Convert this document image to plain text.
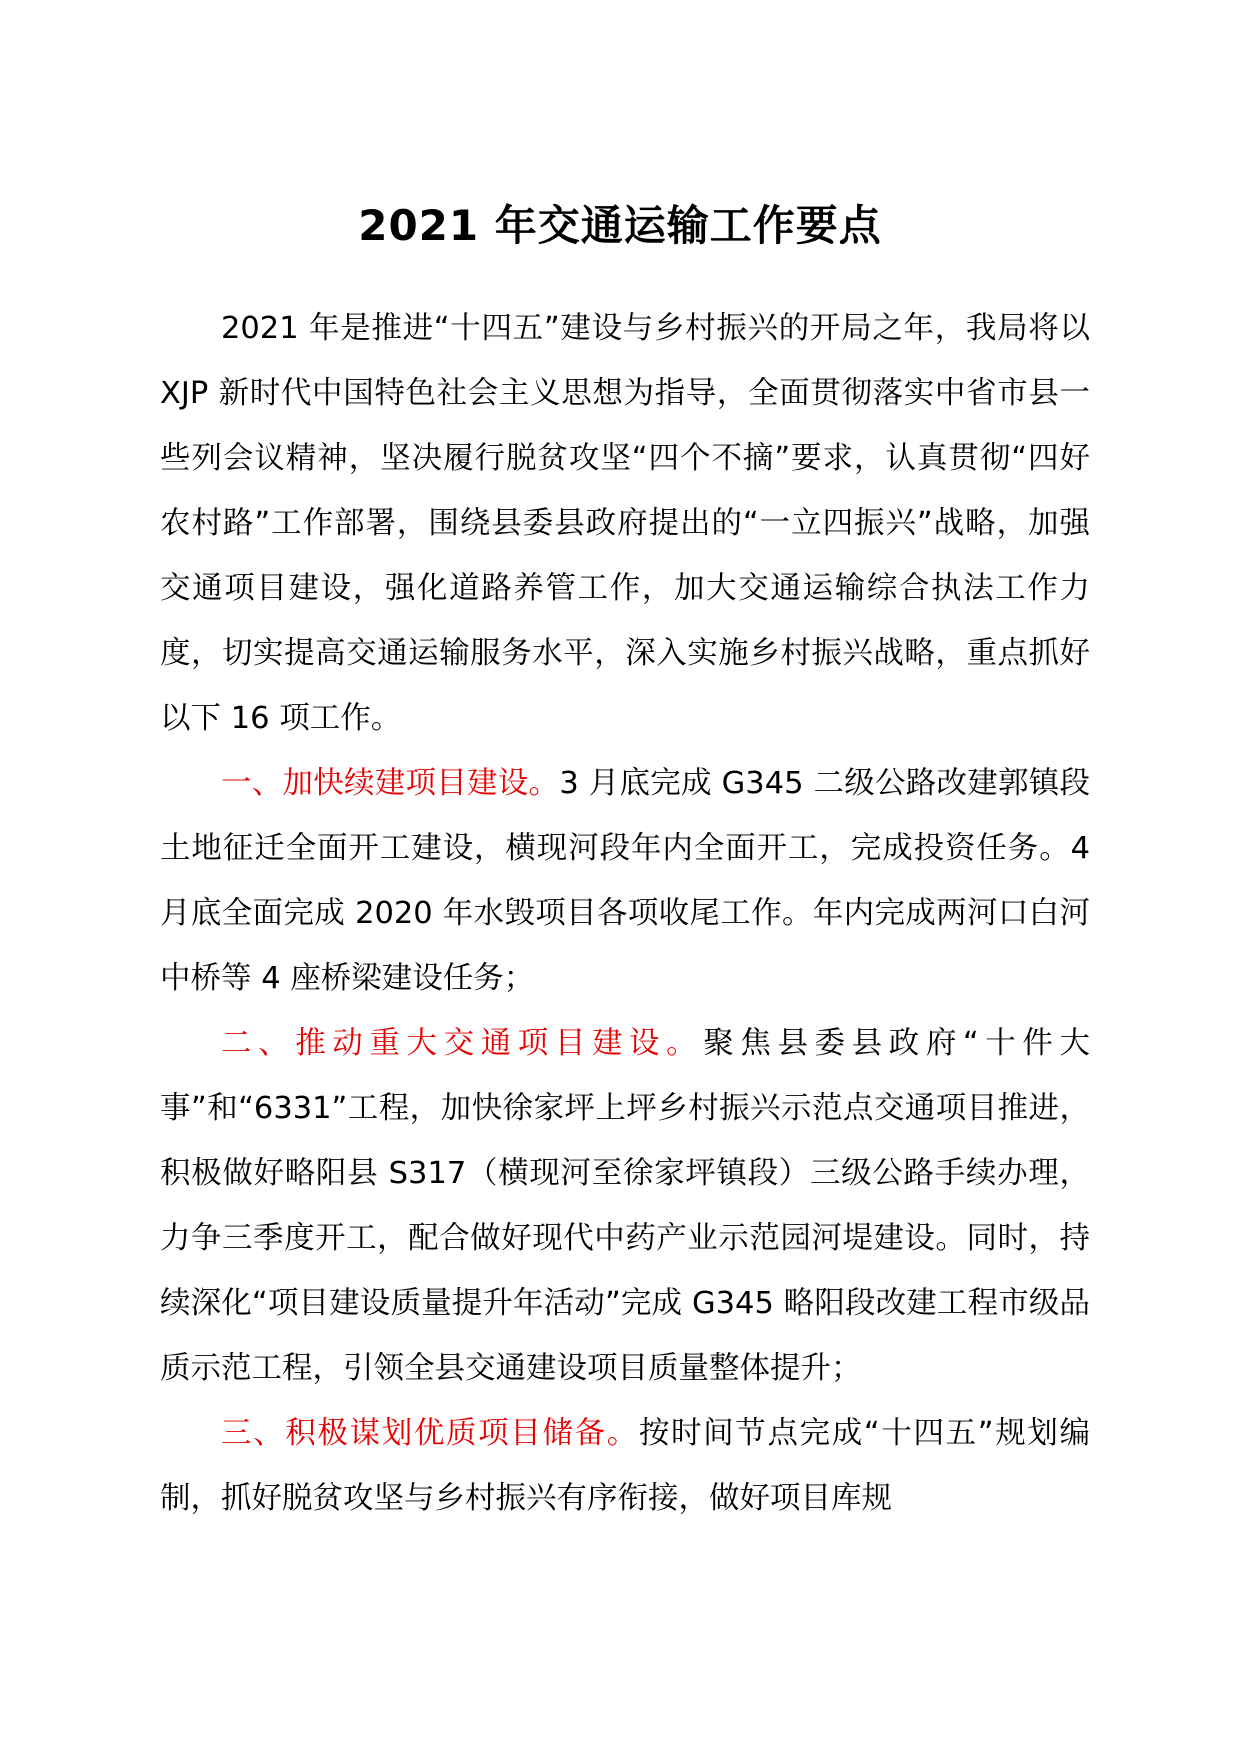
2021 年交通运输工作要点

2021 年是推进“十四五”建设与乡村振兴的开局之年，我局将以 XJP 新时代中国特色社会主义思想为指导，全面贯彻落实中省市县一些列会议精神，坚决履行脱贫攻坚“四个不摘”要求，认真贯彻“四好农村路”工作部署，围绕县委县政府提出的“一立四振兴”战略，加强交通项目建设，强化道路养管工作，加大交通运输综合执法工作力度，切实提高交通运输服务水平，深入实施乡村振兴战略，重点抓好以下 16 项工作。

一、加快续建项目建设。3 月底完成 G345 二级公路改建郭镇段土地征迁全面开工建设，横现河段年内全面开工，完成投资任务。4 月底全面完成 2020 年水毁项目各项收尾工作。年内完成两河口白河中桥等 4 座桥梁建设任务；

二、推动重大交通项目建设。聚焦县委县政府“十件大事”和“6331”工程，加快徐家坪上坪乡村振兴示范点交通项目推进，积极做好略阳县 S317（横现河至徐家坪镇段）三级公路手续办理，力争三季度开工，配合做好现代中药产业示范园河堤建设。同时，持续深化“项目建设质量提升年活动”完成 G345 略阳段改建工程市级品质示范工程，引领全县交通建设项目质量整体提升；

三、积极谋划优质项目储备。按时间节点完成“十四五”规划编制，抓好脱贫攻坚与乡村振兴有序衔接，做好项目库规
